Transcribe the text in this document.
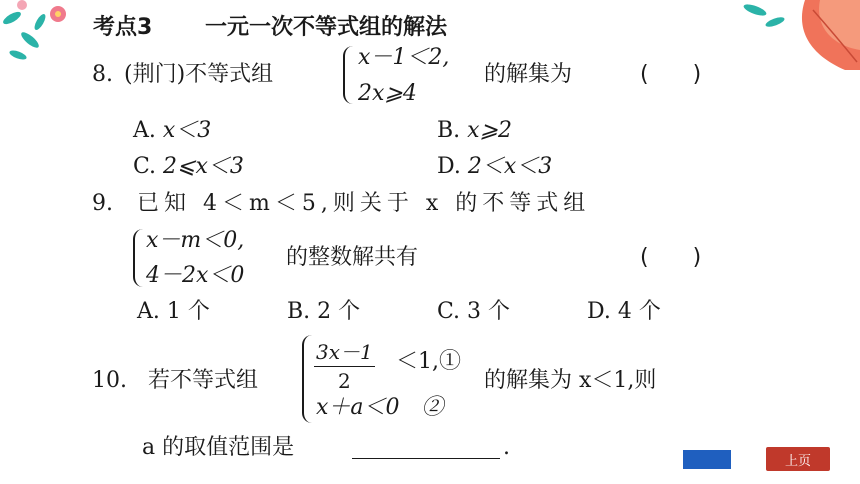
考点3 一元一次不等式组的解法
8. (荆门)不等式组
x－1＜2,
2x⩾4
的解集为	(　　)
A. x＜3	B. x⩾2
C. 2⩽x＜3	D. 2＜x＜3
9. 已知 4＜m＜5,则关于 x 的不等式组
x－m＜0,
4－2x＜0
的整数解共有	(　　)
A. 1 个	B. 2 个	C. 3 个	D. 4 个
10. 若不等式组	$\frac{3x-1}{2}$ ＜1,①
x＋a＜0　②
的解集为 x＜1,则
a 的取值范围是	.
上页
